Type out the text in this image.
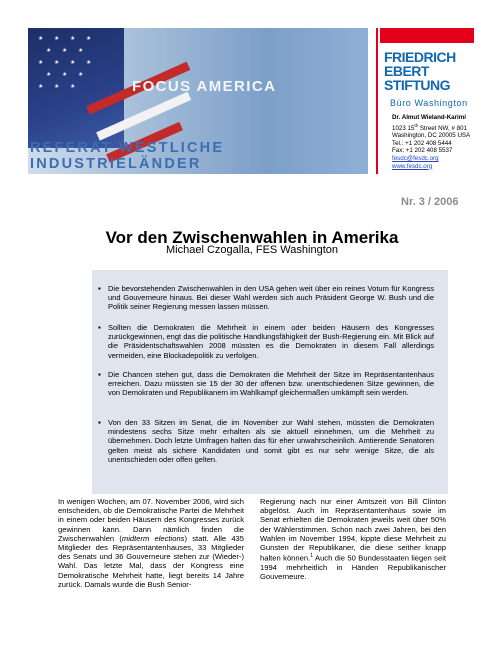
★ ★ ★ ★
★ ★ ★
★ ★ ★ ★
★ ★ ★
★ ★ ★	FOCUS AMERICA
REFERAT WESTLICHE INDUSTRIELÄNDER
FRIEDRICH
EBERT
STIFTUNG
Büro Washington
Dr. Almut Wieland-Karimi
1023 15th Street NW, # 801
Washington, DC 20005 USA
Tel.: +1 202 408 5444
Fax: +1 202 408 5537
fesdc@fesdc.org
www.fesdc.org
Nr. 3 / 2006
Vor den Zwischenwahlen in Amerika
Michael Czogalla, FES Washington
▪ Die bevorstehenden Zwischenwahlen in den USA gehen weit über ein reines Votum für Kongress und Gouverneure hinaus. Bei dieser Wahl werden sich auch Präsident George W. Bush und die Politik seiner Regierung messen lassen müssen.
▪ Sollten die Demokraten die Mehrheit in einem oder beiden Häusern des Kongresses zurückgewinnen, engt das die politische Handlungsfähigkeit der Bush-Regierung ein. Mit Blick auf die Präsidentschaftswahlen 2008 müssten es die Demokraten in diesem Fall allerdings vermeiden, eine Blockadepolitik zu verfolgen.
▪ Die Chancen stehen gut, dass die Demokraten die Mehrheit der Sitze im Repräsentantenhaus erreichen. Dazu müssten sie 15 der 30 der offenen bzw. unentschiedenen Sitze gewinnen, die von Demokraten und Republikanern im Wahlkampf gleichermaßen umkämpft sein werden.
▪ Von den 33 Sitzen im Senat, die im November zur Wahl stehen, müssten die Demokraten mindestens sechs Sitze mehr erhalten als sie aktuell einnehmen, um die Mehrheit zu übernehmen. Doch letzte Umfragen halten das für eher unwahrscheinlich. Amtierende Senatoren gelten meist als sichere Kandidaten und somit gibt es nur sehr wenige Sitze, die als unentschieden oder offen gelten.

In wenigen Wochen, am 07. November 2006, wird sich entscheiden, ob die Demokratische Partei die Mehrheit in einem oder beiden Häusern des Kongresses zurück gewinnen kann. Dann nämlich finden die Zwischenwahlen (midterm elections) statt. Alle 435 Mitglieder des Repräsentantenhauses, 33 Mitglieder des Senats und 36 Gouverneure stehen zur (Wieder-) Wahl. Das letzte Mal, dass der Kongress eine Demokratische Mehrheit hatte, liegt bereits 14 Jahre zurück. Damals wurde die Bush Senior-

Regierung nach nur einer Amtszeit von Bill Clinton abgelöst. Auch im Repräsentantenhaus sowie im Senat erhielten die Demokraten jeweils weit über 50% der Wählerstimmen. Schon nach zwei Jahren, bei den Wahlen im November 1994, kippte diese Mehrheit zu Gunsten der Republikaner, die diese seither knapp halten können.$^1$ Auch die 50 Bundesstaaten liegen seit 1994 mehrheitlich in Händen Republikanischer Gouverneure.
